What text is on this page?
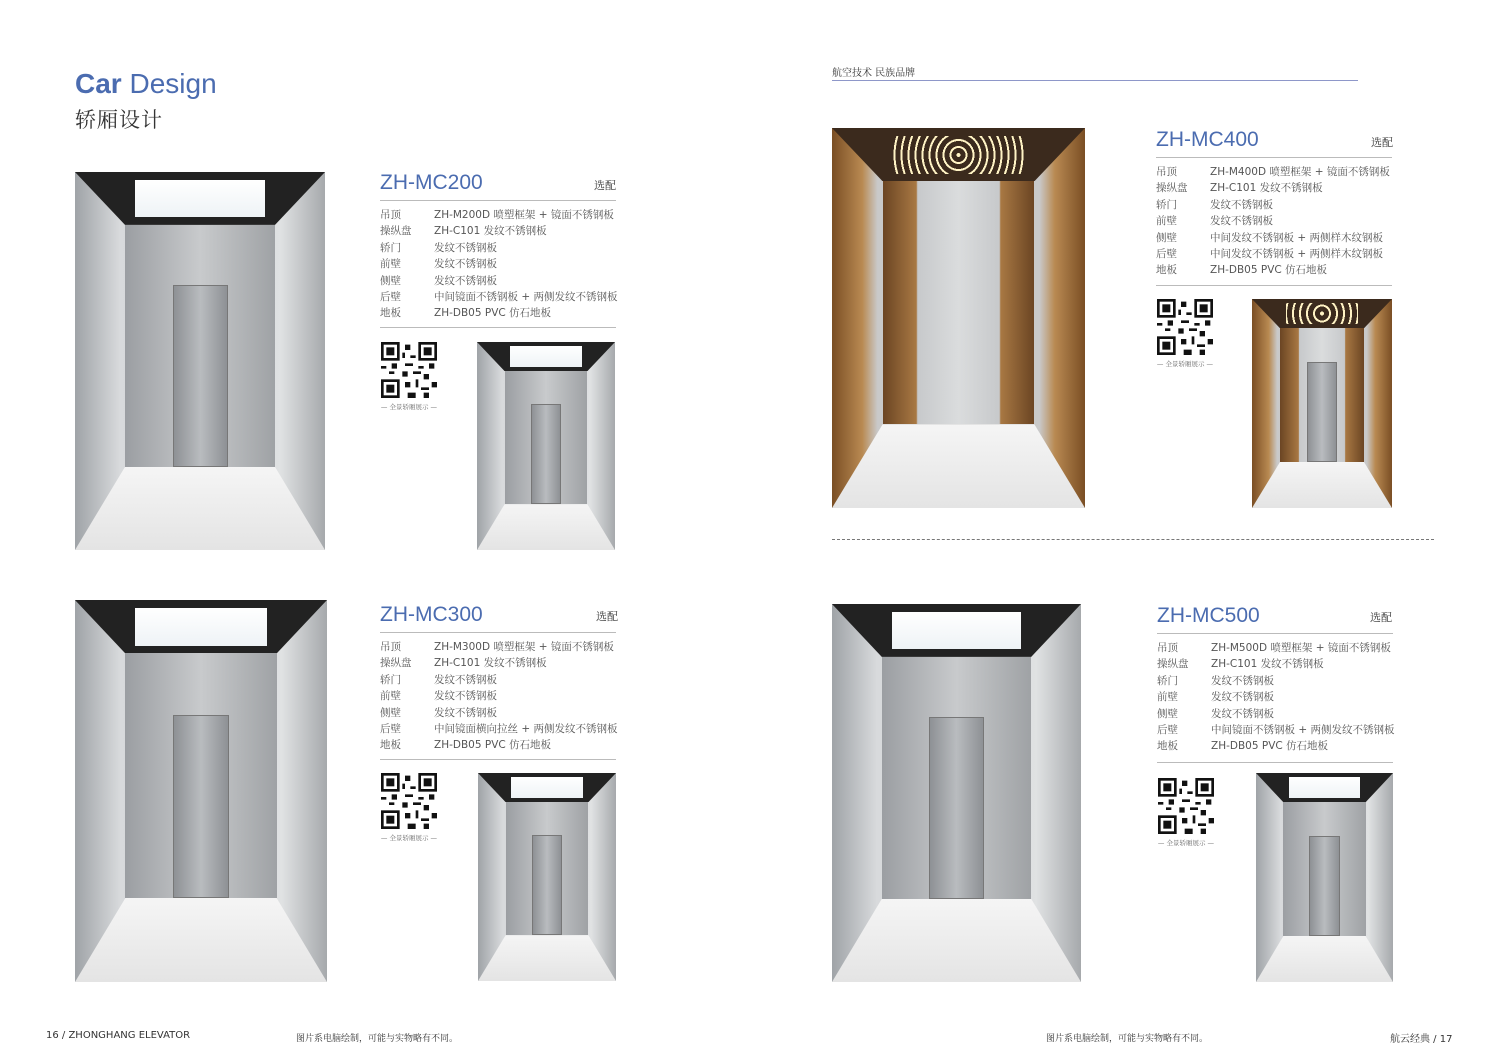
Car Design
轿厢设计
航空技术 民族品牌
ZH-MC200	选配
吊顶	ZH-M200D 喷塑框架 + 镜面不锈钢板
操纵盘 ZH-C101 发纹不锈钢板
轿门	发纹不锈钢板
前壁	发纹不锈钢板
侧壁	发纹不锈钢板
后壁	中间镜面不锈钢板 + 两侧发纹不锈钢板
地板	ZH-DB05 PVC 仿石地板
— 全景轿厢展示 —
ZH-MC300	选配
吊顶	ZH-M300D 喷塑框架 + 镜面不锈钢板
操纵盘 ZH-C101 发纹不锈钢板
轿门	发纹不锈钢板
前壁	发纹不锈钢板
侧壁	发纹不锈钢板
后壁	中间镜面横向拉丝 + 两侧发纹不锈钢板
地板	ZH-DB05 PVC 仿石地板
— 全景轿厢展示 —
ZH-MC400	选配
吊顶	ZH-M400D 喷塑框架 + 镜面不锈钢板
操纵盘 ZH-C101 发纹不锈钢板
轿门	发纹不锈钢板
前壁	发纹不锈钢板
侧壁	中间发纹不锈钢板 + 两侧样木纹钢板
后壁	中间发纹不锈钢板 + 两侧样木纹钢板
地板	ZH-DB05 PVC 仿石地板
— 全景轿厢展示 —
ZH-MC500	选配
吊顶	ZH-M500D 喷塑框架 + 镜面不锈钢板
操纵盘 ZH-C101 发纹不锈钢板
轿门	发纹不锈钢板
前壁	发纹不锈钢板
侧壁	发纹不锈钢板
后壁	中间镜面不锈钢板 + 两侧发纹不锈钢板
地板	ZH-DB05 PVC 仿石地板
— 全景轿厢展示 —
16 / ZHONGHANG ELEVATOR	图片系电脑绘制，可能与实物略有不同。	图片系电脑绘制，可能与实物略有不同。	航云经典 / 17
